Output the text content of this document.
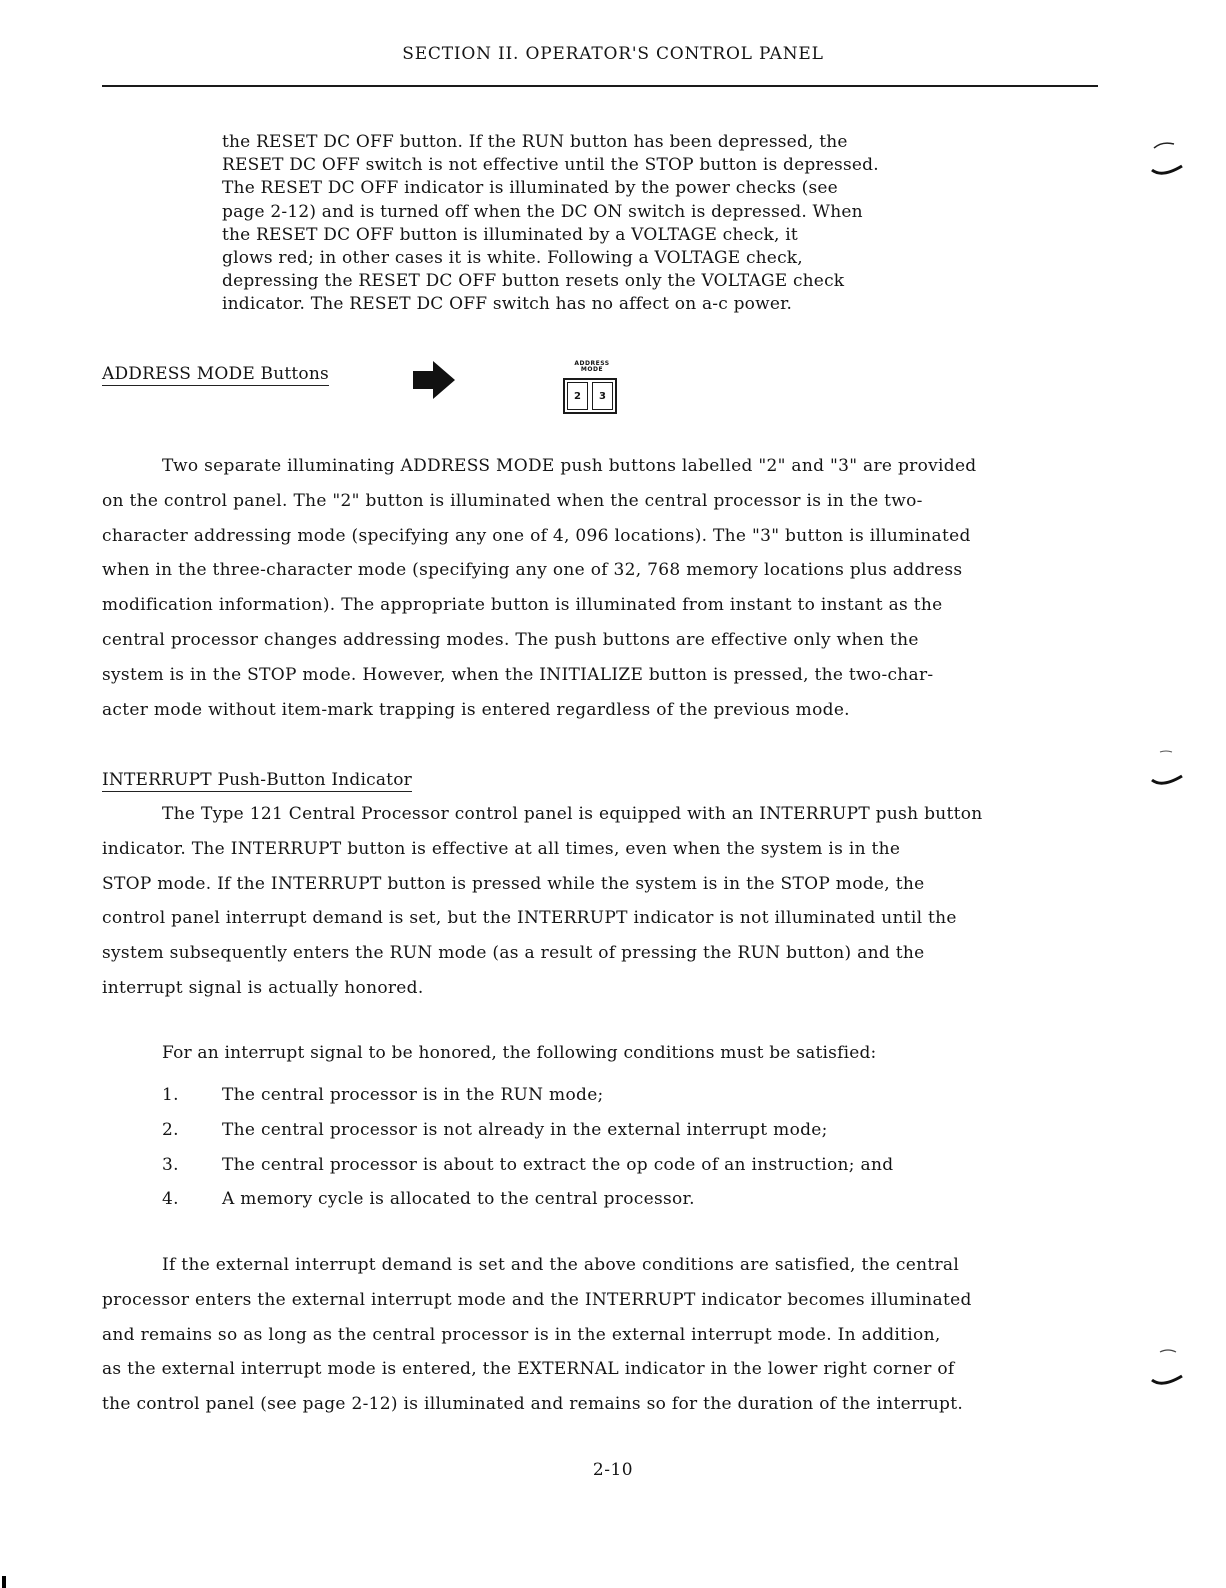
SECTION II. OPERATOR'S CONTROL PANEL
the RESET DC OFF button. If the RUN button has been depressed, the
RESET DC OFF switch is not effective until the STOP button is depressed.
The RESET DC OFF indicator is illuminated by the power checks (see
page 2-12) and is turned off when the DC ON switch is depressed. When
the RESET DC OFF button is illuminated by a VOLTAGE check, it
glows red; in other cases it is white. Following a VOLTAGE check,
depressing the RESET DC OFF button resets only the VOLTAGE check
indicator. The RESET DC OFF switch has no affect on a-c power.
ADDRESS MODE Buttons
ADDRESS
MODE
2	3
Two separate illuminating ADDRESS MODE push buttons labelled "2" and "3" are provided
on the control panel. The "2" button is illuminated when the central processor is in the two-
character addressing mode (specifying any one of 4, 096 locations). The "3" button is illuminated
when in the three-character mode (specifying any one of 32, 768 memory locations plus address
modification information). The appropriate button is illuminated from instant to instant as the
central processor changes addressing modes. The push buttons are effective only when the
system is in the STOP mode. However, when the INITIALIZE button is pressed, the two-char-
acter mode without item-mark trapping is entered regardless of the previous mode.
INTERRUPT Push-Button Indicator
The Type 121 Central Processor control panel is equipped with an INTERRUPT push button
indicator. The INTERRUPT button is effective at all times, even when the system is in the
STOP mode. If the INTERRUPT button is pressed while the system is in the STOP mode, the
control panel interrupt demand is set, but the INTERRUPT indicator is not illuminated until the
system subsequently enters the RUN mode (as a result of pressing the RUN button) and the
interrupt signal is actually honored.
For an interrupt signal to be honored, the following conditions must be satisfied:
1.	The central processor is in the RUN mode;
2.	The central processor is not already in the external interrupt mode;
3.	The central processor is about to extract the op code of an instruction; and
4.	A memory cycle is allocated to the central processor.
If the external interrupt demand is set and the above conditions are satisfied, the central
processor enters the external interrupt mode and the INTERRUPT indicator becomes illuminated
and remains so as long as the central processor is in the external interrupt mode. In addition,
as the external interrupt mode is entered, the EXTERNAL indicator in the lower right corner of
the control panel (see page 2-12) is illuminated and remains so for the duration of the interrupt.
2-10
